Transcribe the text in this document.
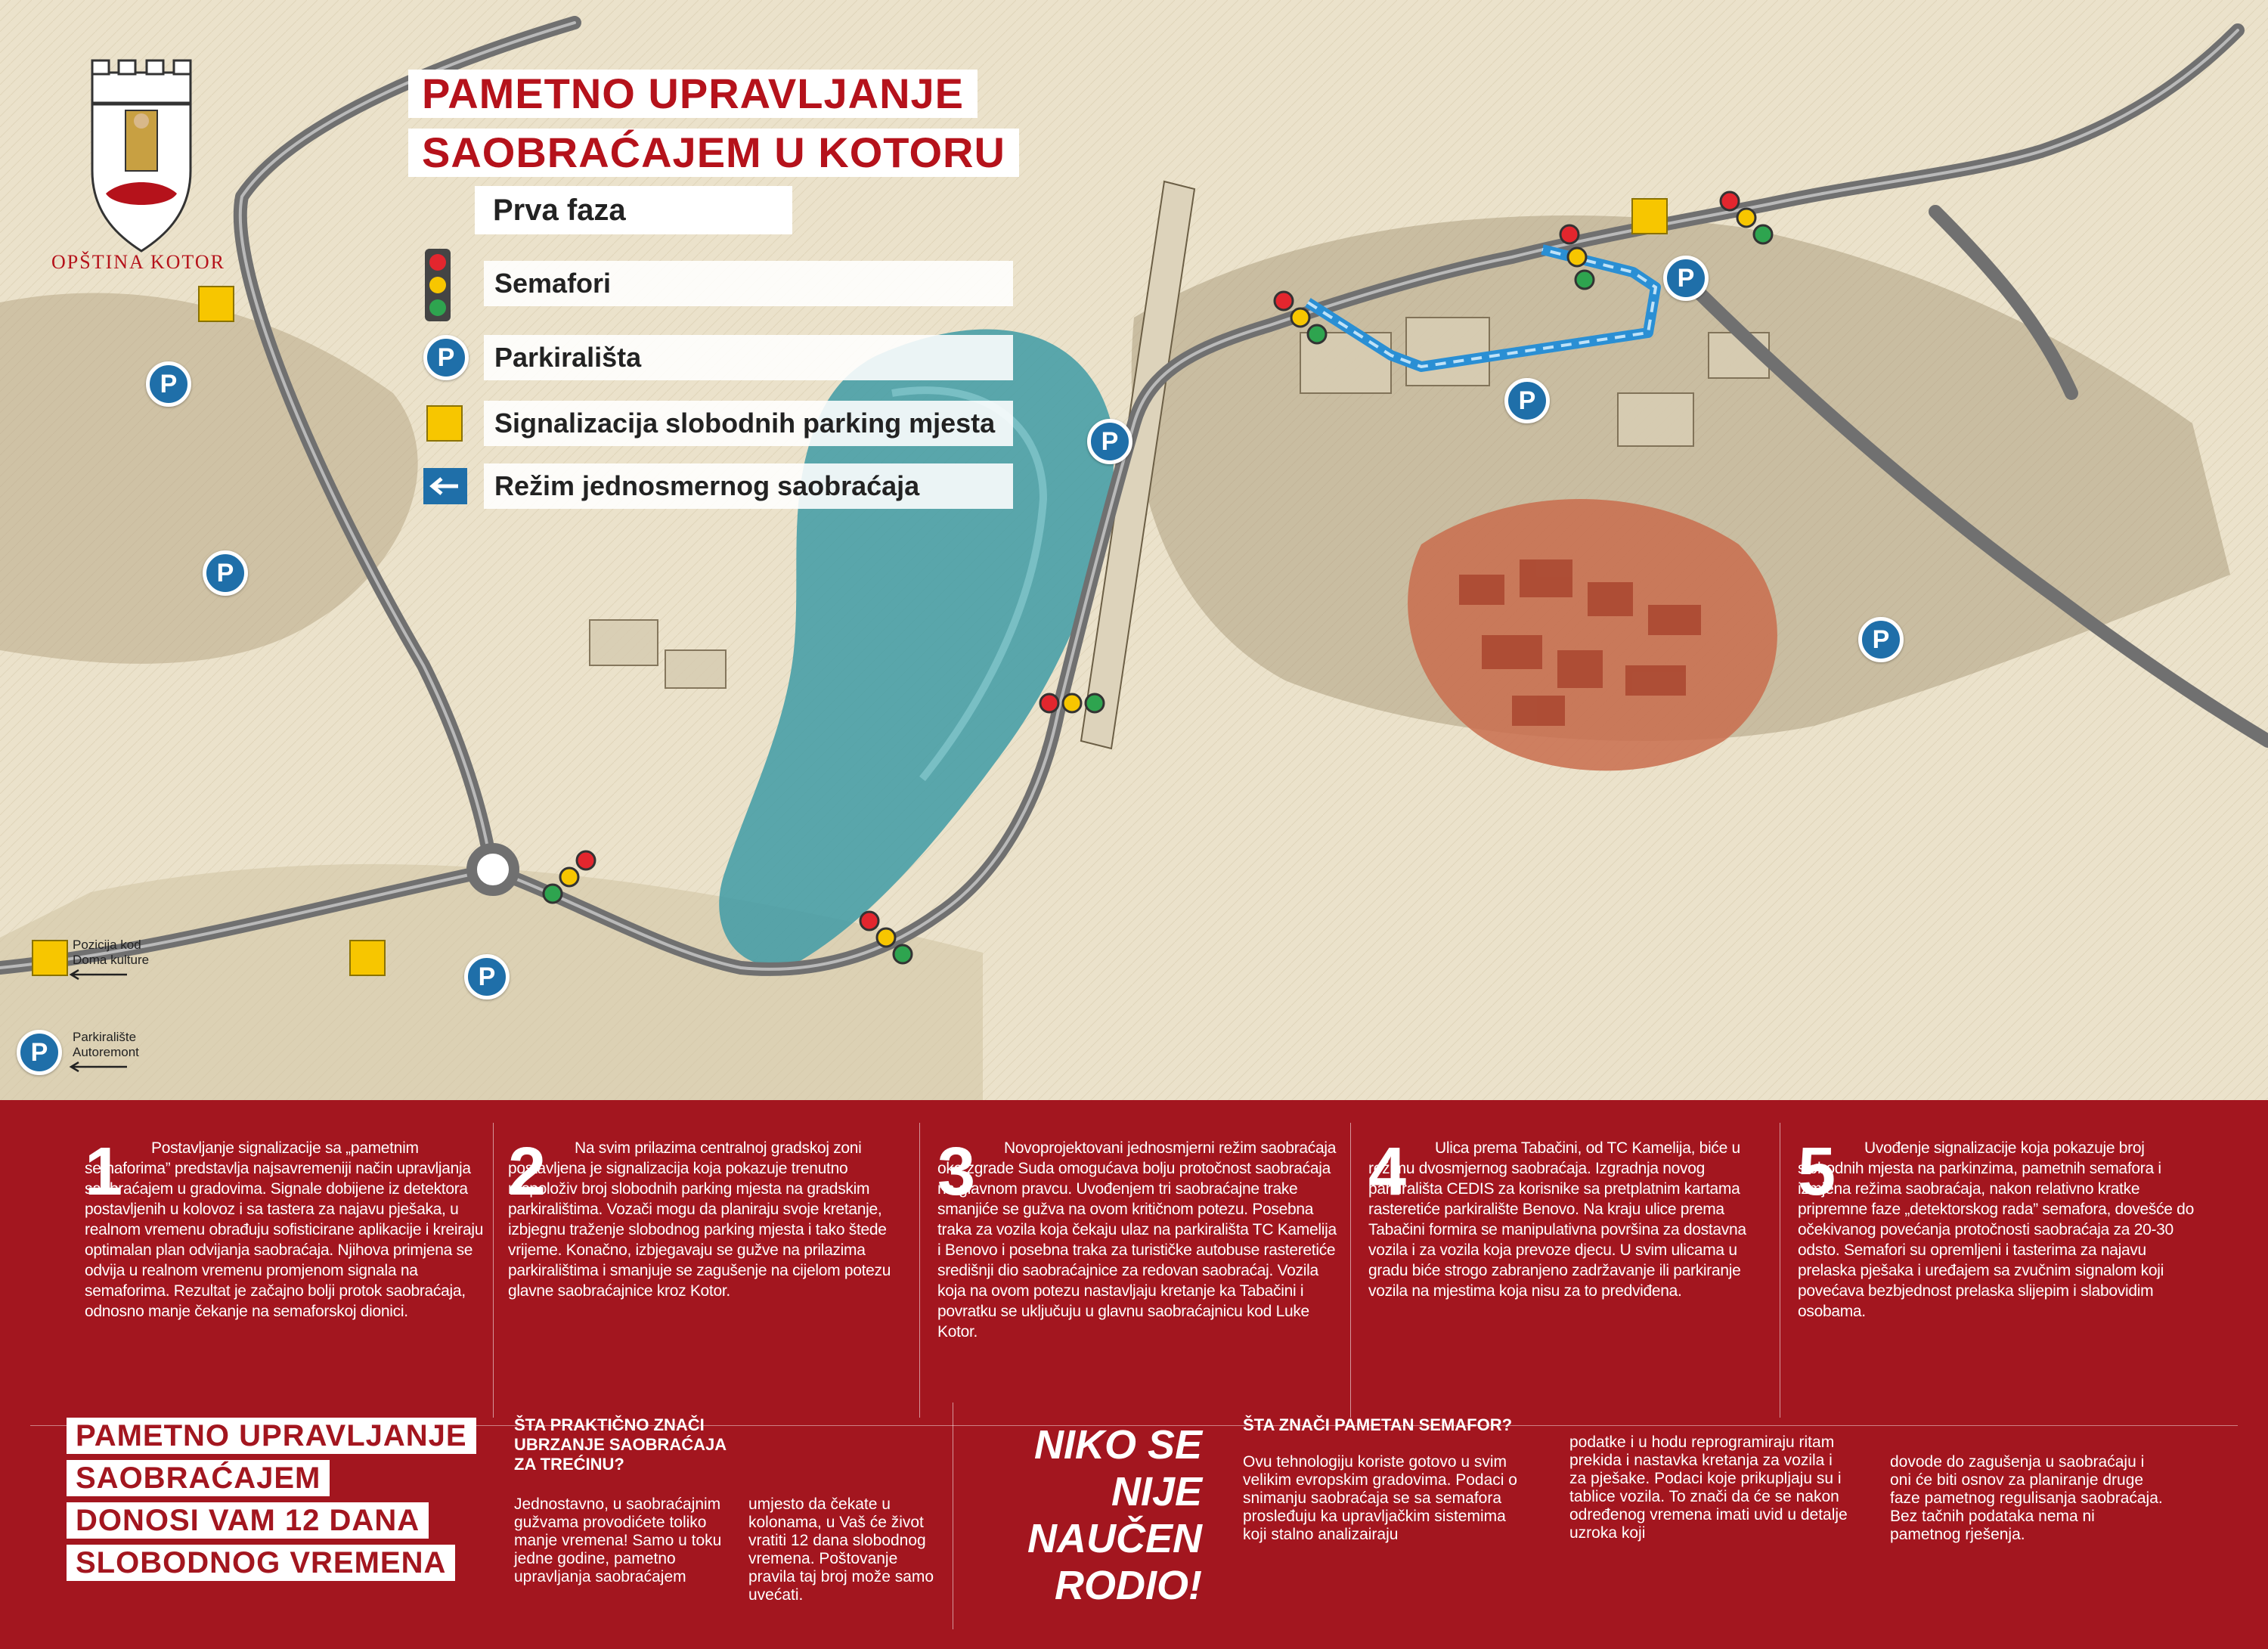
PAMETNO UPRAVLJANJE
SAOBRAĆAJEM U KOTORU
Prva faza
OPŠTINA KOTOR
Semafori
P	Parkirališta
Signalizacija slobodnih parking mjesta
Režim jednosmernog saobraćaja
P
P
P
P
P
P
P
P
Pozicija kod
Doma kulture
Parkiralište
Autoremont
1	Postavljanje signalizacije sa „pametnim semaforima” predstavlja najsavremeniji način upravljanja saobraćajem u gradovima. Signale dobijene iz detektora postavljenih u kolovoz i sa tastera za najavu pješaka, u realnom vremenu obrađuju sofisticirane aplikacije i kreiraju optimalan plan odvijanja saobraćaja. Njihova primjena se odvija u realnom vremenu promjenom signala na semaforima. Rezultat je začajno bolji protok saobraćaja, odnosno manje čekanje na semaforskoj dionici.
2	Na svim prilazima centralnoj gradskoj zoni postavljena je signalizacija koja pokazuje trenutno raspoloživ broj slobodnih parking mjesta na gradskim parkiralištima. Vozači mogu da planiraju svoje kretanje, izbjegnu traženje slobodnog parking mjesta i tako štede vrijeme. Konačno, izbjegavaju se gužve na prilazima parkiralištima i smanjuje se zagušenje na cijelom potezu glavne saobraćajnice kroz Kotor.
3	Novoprojektovani jednosmjerni režim saobraćaja oko zgrade Suda omogućava bolju protočnost saobraćaja na glavnom pravcu. Uvođenjem tri saobraćajne trake smanjiće se gužva na ovom kritičnom potezu. Posebna traka za vozila koja čekaju ulaz na parkirališta TC Kamelija i Benovo i posebna traka za turističke autobuse rasteretiće središnji dio saobraćajnice za redovan saobraćaj. Vozila koja na ovom potezu nastavljaju kretanje ka Tabačini i povratku se uključuju u glavnu saobraćajnicu kod Luke Kotor.
4	Ulica prema Tabačini, od TC Kamelija, biće u režimu dvosmjernog saobraćaja. Izgradnja novog parkirališta CEDIS za korisnike sa pretplatnim kartama rasteretiće parkiralište Benovo. Na kraju ulice prema Tabačini formira se manipulativna površina za dostavna vozila i za vozila koja prevoze djecu. U svim ulicama u gradu biće strogo zabranjeno zadržavanje ili parkiranje vozila na mjestima koja nisu za to predviđena.
5	Uvođenje signalizacije koja pokazuje broj slobodnih mjesta na parkinzima, pametnih semafora i izmjena režima saobraćaja, nakon relativno kratke pripremne faze „detektorskog rada” semafora, dovešće do očekivanog povećanja protočnosti saobraćaja za 20-30 odsto. Semafori su opremljeni i tasterima za najavu prelaska pješaka i uređajem sa zvučnim signalom koji povećava bezbjednost prelaska slijepim i slabovidim osobama.
PAMETNO UPRAVLJANJE
SAOBRAĆAJEM
DONOSI VAM 12 DANA
SLOBODNOG VREMENA
ŠTA PRAKTIČNO ZNAČI
UBRZANJE SAOBRAĆAJA
ZA TREĆINU?
Jednostavno, u saobraćajnim gužvama provodićete toliko manje vremena! Samo u toku jedne godine, pametno upravljanja saobraćajem
umjesto da čekate u kolonama, u Vaš će život vratiti 12 dana slobodnog vremena. Poštovanje pravila taj broj može samo uvećati.
NIKO SE NIJE
NAUČEN
RODIO!
ŠTA ZNAČI PAMETAN SEMAFOR?
Ovu tehnologiju koriste gotovo u svim velikim evropskim gradovima. Podaci o snimanju saobraćaja se sa semafora prosleđuju ka upravljačkim sistemima koji stalno analizairaju
podatke i u hodu reprogramiraju ritam prekida i nastavka kretanja za vozila i za pješake. Podaci koje prikupljaju su i tablice vozila. To znači da će se nakon određenog vremena imati uvid u detalje uzroka koji
dovode do zagušenja u saobraćaju i oni će biti osnov za planiranje druge faze pametnog regulisanja saobraćaja. Bez tačnih podataka nema ni pametnog rješenja.
